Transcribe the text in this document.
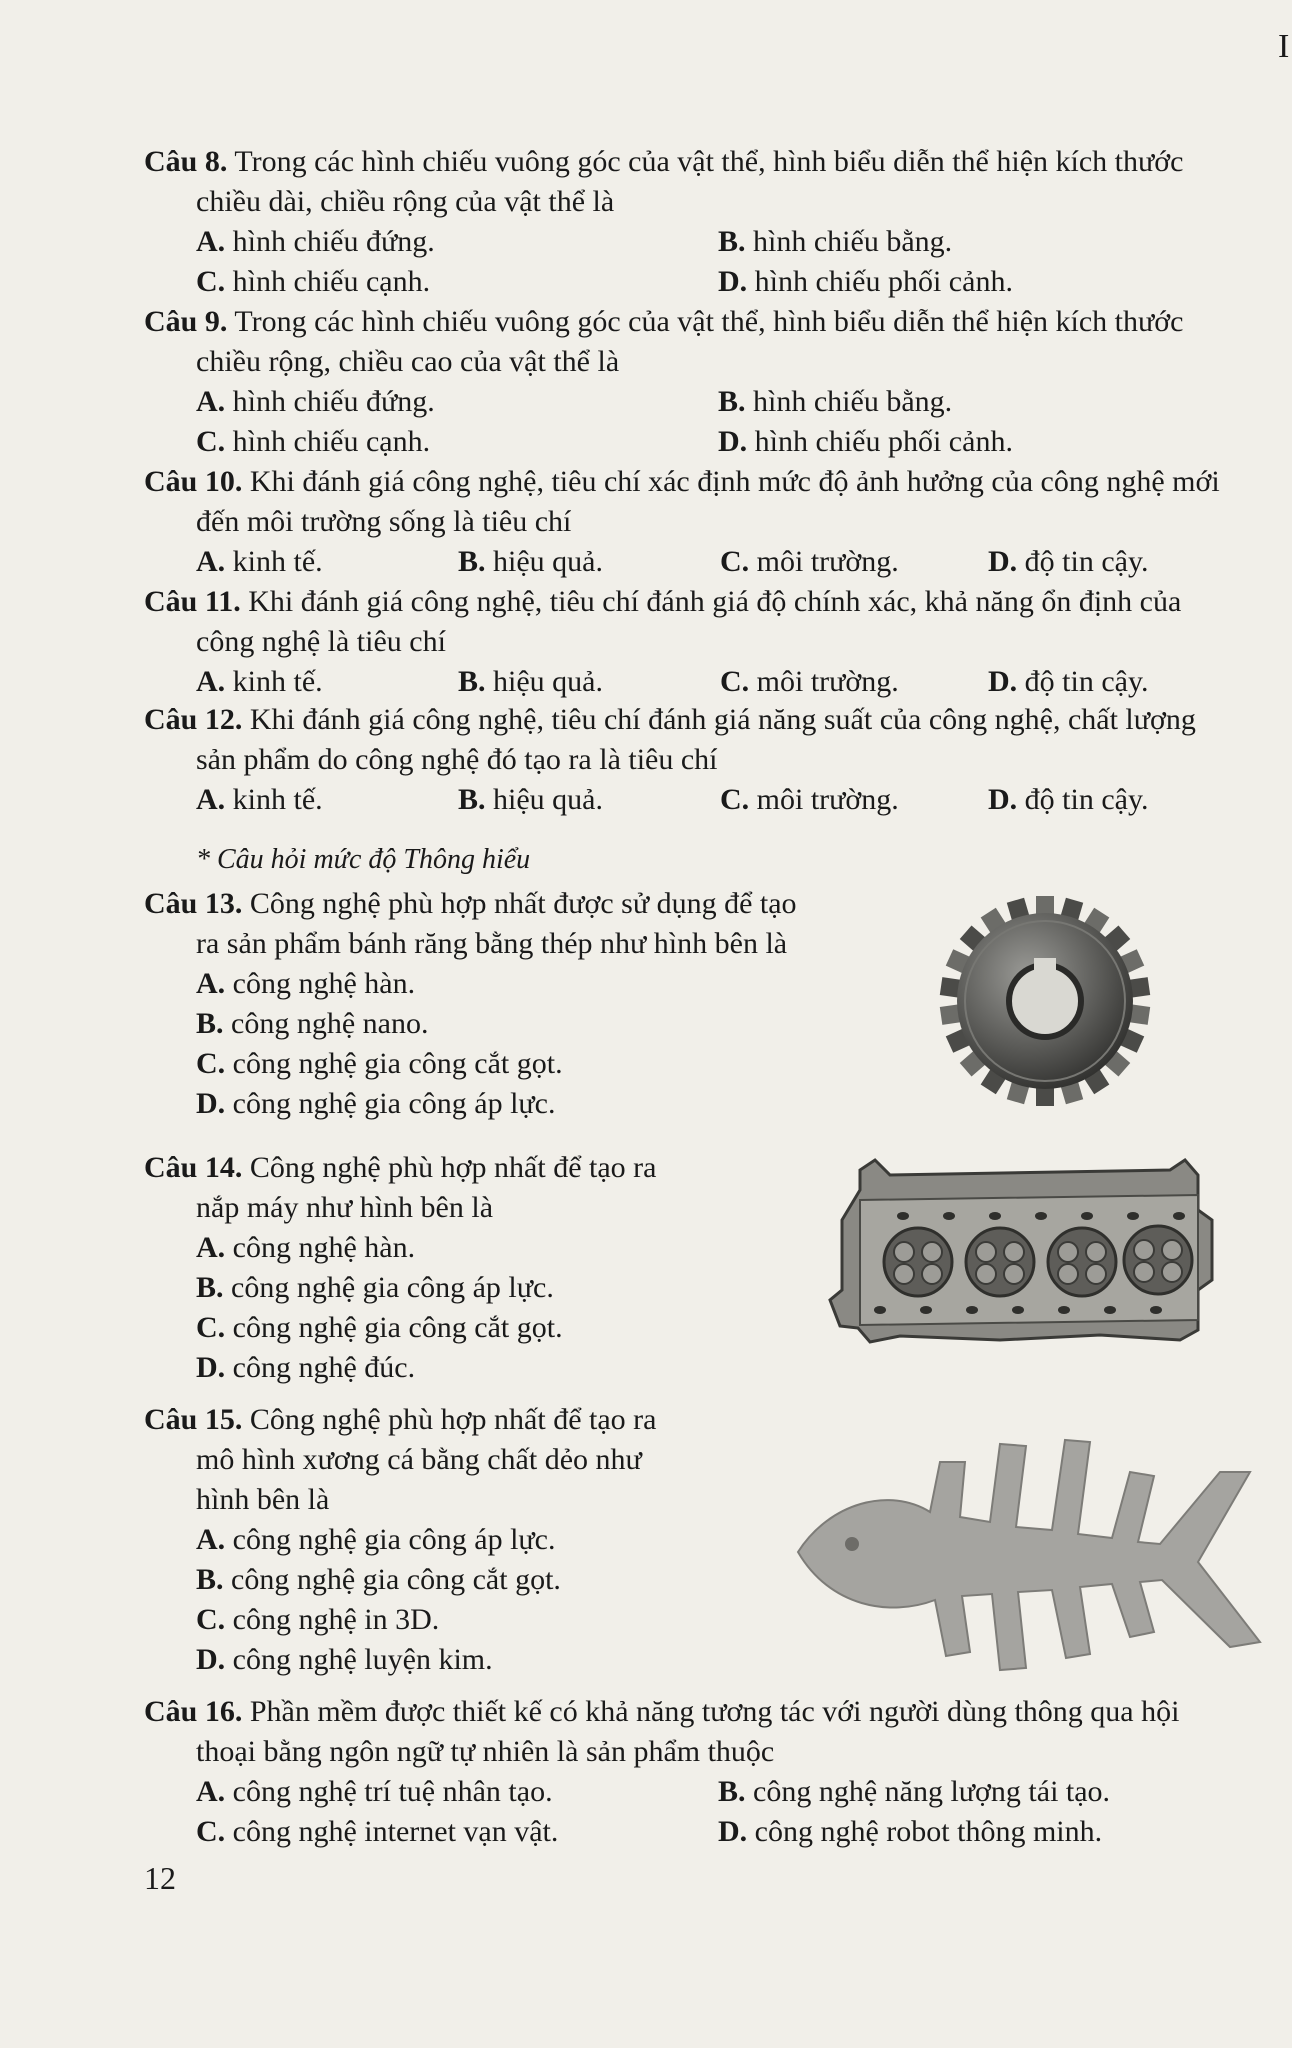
I

Câu 8. Trong các hình chiếu vuông góc của vật thể, hình biểu diễn thể hiện kích thước

chiều dài, chiều rộng của vật thể là

A. hình chiếu đứng.	B. hình chiếu bằng.
C. hình chiếu cạnh.	D. hình chiếu phối cảnh.

Câu 9. Trong các hình chiếu vuông góc của vật thể, hình biểu diễn thể hiện kích thước

chiều rộng, chiều cao của vật thể là

A. hình chiếu đứng.	B. hình chiếu bằng.
C. hình chiếu cạnh.	D. hình chiếu phối cảnh.

Câu 10. Khi đánh giá công nghệ, tiêu chí xác định mức độ ảnh hưởng của công nghệ mới

đến môi trường sống là tiêu chí

A. kinh tế.	B. hiệu quả.	C. môi trường.	D. độ tin cậy.

Câu 11. Khi đánh giá công nghệ, tiêu chí đánh giá độ chính xác, khả năng ổn định của

công nghệ là tiêu chí

A. kinh tế.	B. hiệu quả.	C. môi trường.	D. độ tin cậy.

Câu 12. Khi đánh giá công nghệ, tiêu chí đánh giá năng suất của công nghệ, chất lượng

sản phẩm do công nghệ đó tạo ra là tiêu chí

A. kinh tế.	B. hiệu quả.	C. môi trường.	D. độ tin cậy.
* Câu hỏi mức độ Thông hiểu

Câu 13. Công nghệ phù hợp nhất được sử dụng để tạo

ra sản phẩm bánh răng bằng thép như hình bên là

A. công nghệ hàn.
B. công nghệ nano.
C. công nghệ gia công cắt gọt.
D. công nghệ gia công áp lực.

Câu 14. Công nghệ phù hợp nhất để tạo ra

nắp máy như hình bên là

A. công nghệ hàn.
B. công nghệ gia công áp lực.
C. công nghệ gia công cắt gọt.
D. công nghệ đúc.

Câu 15. Công nghệ phù hợp nhất để tạo ra

mô hình xương cá bằng chất dẻo như

hình bên là

A. công nghệ gia công áp lực.
B. công nghệ gia công cắt gọt.
C. công nghệ in 3D.
D. công nghệ luyện kim.

Câu 16. Phần mềm được thiết kế có khả năng tương tác với người dùng thông qua hội

thoại bằng ngôn ngữ tự nhiên là sản phẩm thuộc

A. công nghệ trí tuệ nhân tạo.	B. công nghệ năng lượng tái tạo.
C. công nghệ internet vạn vật.	D. công nghệ robot thông minh.
12
